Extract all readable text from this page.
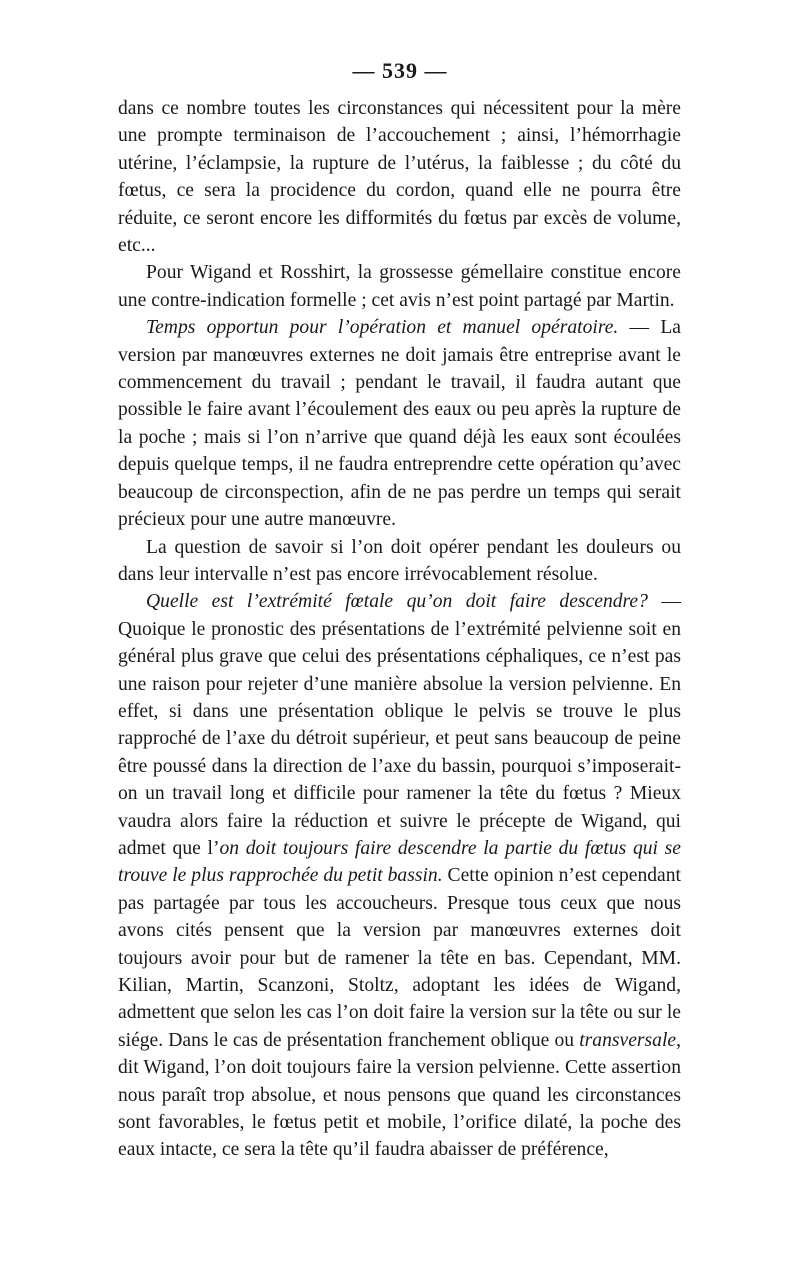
— 539 —

dans ce nombre toutes les circonstances qui nécessitent pour la mère une prompte terminaison de l’accouchement ; ainsi, l’hémorrhagie utérine, l’éclampsie, la rupture de l’utérus, la faiblesse ; du côté du fœtus, ce sera la procidence du cordon, quand elle ne pourra être réduite, ce seront encore les difformités du fœtus par excès de volume, etc...

Pour Wigand et Rosshirt, la grossesse gémellaire constitue encore une contre-indication formelle ; cet avis n’est point partagé par Martin.

Temps opportun pour l’opération et manuel opératoire. — La version par manœuvres externes ne doit jamais être entreprise avant le commencement du travail ; pendant le travail, il faudra autant que possible le faire avant l’écoulement des eaux ou peu après la rupture de la poche ; mais si l’on n’arrive que quand déjà les eaux sont écoulées depuis quelque temps, il ne faudra entreprendre cette opération qu’avec beaucoup de circonspection, afin de ne pas perdre un temps qui serait précieux pour une autre manœuvre.

La question de savoir si l’on doit opérer pendant les douleurs ou dans leur intervalle n’est pas encore irrévocablement résolue.

Quelle est l’extrémité fœtale qu’on doit faire descendre? — Quoique le pronostic des présentations de l’extrémité pelvienne soit en général plus grave que celui des présentations céphaliques, ce n’est pas une raison pour rejeter d’une manière absolue la version pelvienne. En effet, si dans une présentation oblique le pelvis se trouve le plus rapproché de l’axe du détroit supérieur, et peut sans beaucoup de peine être poussé dans la direction de l’axe du bassin, pourquoi s’imposerait-on un travail long et difficile pour ramener la tête du fœtus ? Mieux vaudra alors faire la réduction et suivre le précepte de Wigand, qui admet que l’on doit toujours faire descendre la partie du fœtus qui se trouve le plus rapprochée du petit bassin. Cette opinion n’est cependant pas partagée par tous les accoucheurs. Presque tous ceux que nous avons cités pensent que la version par manœuvres externes doit toujours avoir pour but de ramener la tête en bas. Cependant, MM. Kilian, Martin, Scanzoni, Stoltz, adoptant les idées de Wigand, admettent que selon les cas l’on doit faire la version sur la tête ou sur le siége. Dans le cas de présentation franchement oblique ou transversale, dit Wigand, l’on doit toujours faire la version pelvienne. Cette assertion nous paraît trop absolue, et nous pensons que quand les circonstances sont favorables, le fœtus petit et mobile, l’orifice dilaté, la poche des eaux intacte, ce sera la tête qu’il faudra abaisser de préférence,
